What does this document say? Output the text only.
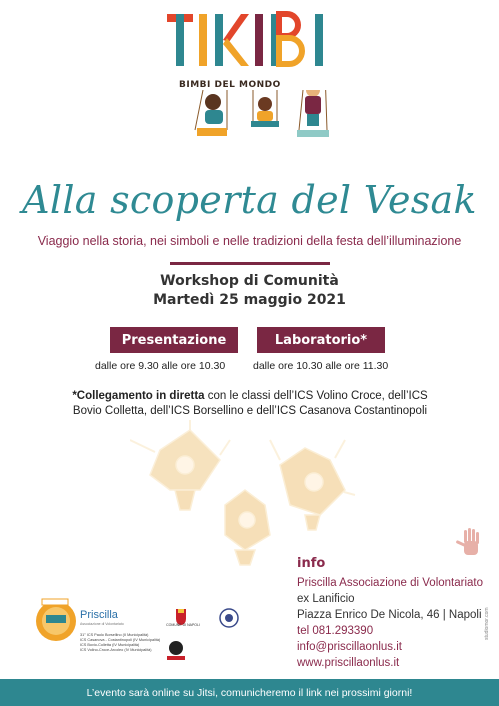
BIMBI DEL MONDO
Alla scoperta del Vesak
Viaggio nella storia, nei simboli e nelle tradizioni della festa dell’illuminazione
Workshop di Comunità
Martedì 25 maggio 2021
Presentazione	Laboratorio*
dalle ore 9.30 alle ore 10.30	dalle ore 10.30 alle ore 11.30
*Collegamento in diretta con le classi dell’ICS Volino Croce, dell’ICS
Bovio Colletta, dell’ICS Borsellino e dell’ICS Casanova Costantinopoli
info
Priscilla Associazione di Volontariato
ex Lanificio
Piazza Enrico De Nicola, 46 | Napoli
tel 081.293390
info@priscillaonlus.it
www.priscillaonlus.it
studiomor.com
Priscilla
Associazione di Volontariato	COMUNE DI NAPOLI
31° ICS Paolo Borsellino (II Municipalità)
ICS Casanova - Costantinopoli (IV Municipalità)
ICS Bovio-Colletta (IV Municipalità)
ICS Volino-Croce-Arcoleo (IV Municipalità)
L’evento sarà online su Jitsi, comunicheremo il link nei prossimi giorni!
